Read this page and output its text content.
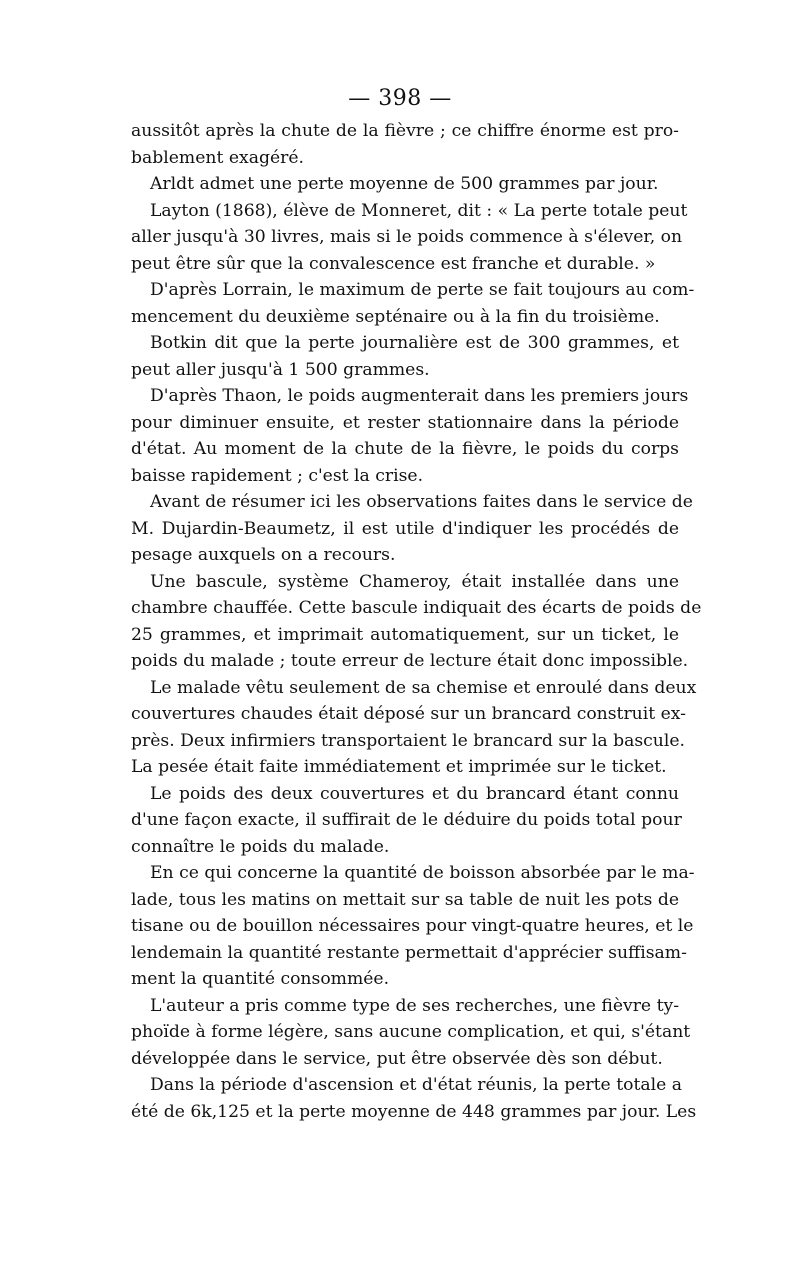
— 398 —

aussitôt après la chute de la fièvre ; ce chiffre énorme est pro-
bablement exagéré.

Arldt admet une perte moyenne de 500 grammes par jour.

Layton (1868), élève de Monneret, dit : « La perte totale peut
aller jusqu'à 30 livres, mais si le poids commence à s'élever, on
peut être sûr que la convalescence est franche et durable. »

D'après Lorrain, le maximum de perte se fait toujours au com-
mencement du deuxième septénaire ou à la fin du troisième.

Botkin dit que la perte journalière est de 300 grammes, et
peut aller jusqu'à 1 500 grammes.

D'après Thaon, le poids augmenterait dans les premiers jours
pour diminuer ensuite, et rester stationnaire dans la période
d'état. Au moment de la chute de la fièvre, le poids du corps
baisse rapidement ; c'est la crise.

Avant de résumer ici les observations faites dans le service de
M. Dujardin-Beaumetz, il est utile d'indiquer les procédés de
pesage auxquels on a recours.

Une bascule, système Chameroy, était installée dans une
chambre chauffée. Cette bascule indiquait des écarts de poids de
25 grammes, et imprimait automatiquement, sur un ticket, le
poids du malade ; toute erreur de lecture était donc impossible.

Le malade vêtu seulement de sa chemise et enroulé dans deux
couvertures chaudes était déposé sur un brancard construit ex-
près. Deux infirmiers transportaient le brancard sur la bascule.
La pesée était faite immédiatement et imprimée sur le ticket.

Le poids des deux couvertures et du brancard étant connu
d'une façon exacte, il suffirait de le déduire du poids total pour
connaître le poids du malade.

En ce qui concerne la quantité de boisson absorbée par le ma-
lade, tous les matins on mettait sur sa table de nuit les pots de
tisane ou de bouillon nécessaires pour vingt-quatre heures, et le
lendemain la quantité restante permettait d'apprécier suffisam-
ment la quantité consommée.

L'auteur a pris comme type de ses recherches, une fièvre ty-
phoïde à forme légère, sans aucune complication, et qui, s'étant
développée dans le service, put être observée dès son début.

Dans la période d'ascension et d'état réunis, la perte totale a
été de 6k,125 et la perte moyenne de 448 grammes par jour. Les
